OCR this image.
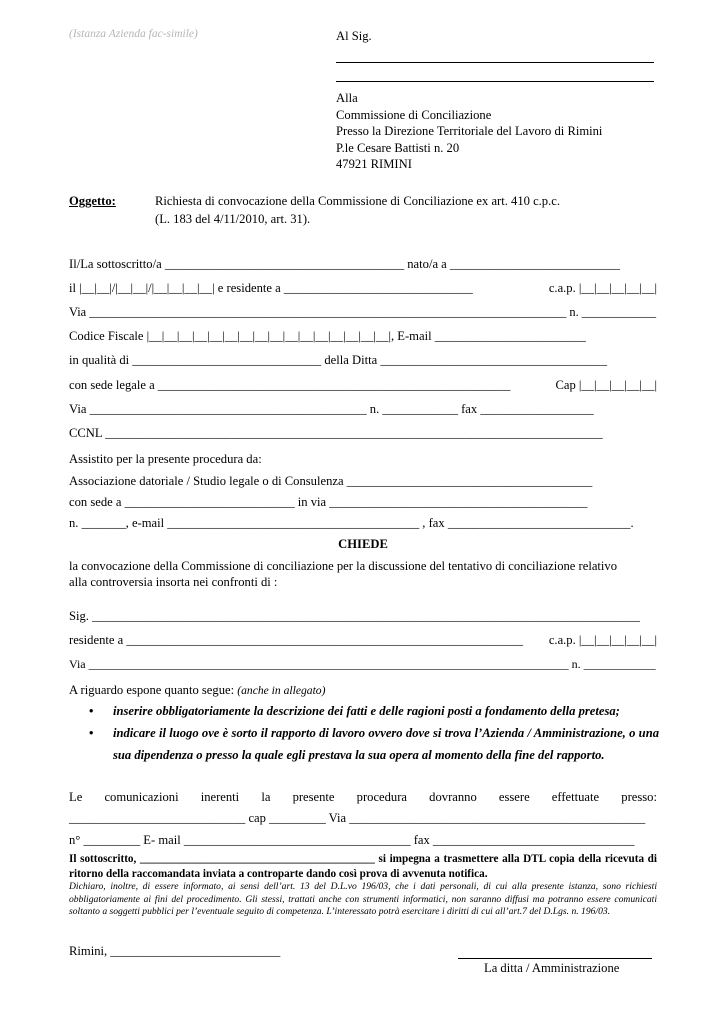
(Istanza Azienda fac-simile)	Al Sig.
Alla
Commissione di Conciliazione
Presso la Direzione Territoriale del Lavoro di Rimini
P.le Cesare Battisti n. 20
47921 RIMINI
Oggetto:	Richiesta di convocazione della Commissione di Conciliazione ex art. 410 c.p.c.
(L. 183 del 4/11/2010, art. 31).
Il/La sottoscritto/a ______________________________________ nato/a a ___________________________
il |__|__|/|__|__|/|__|__|__|__| e residente a ______________________________	c.a.p. |__|__|__|__|__|
Via _____________________________________________________________________________ n. ____________
Codice Fiscale |__|__|__|__|__|__|__|__|__|__|__|__|__|__|__|__|, E-mail ________________________
in qualità di ______________________________ della Ditta ____________________________________
con sede legale a ________________________________________________________	Cap |__|__|__|__|__|
Via ____________________________________________ n. ____________ fax __________________
CCNL _______________________________________________________________________________
Assistito per la presente procedura da:
Associazione datoriale / Studio legale o di Consulenza _______________________________________
con sede a ___________________________ in via _________________________________________
n. _______, e-mail ________________________________________ , fax _____________________________.
CHIEDE
la convocazione della Commissione di conciliazione per la discussione del tentativo di conciliazione relativo
alla controversia insorta nei confronti di :
Sig. _______________________________________________________________________________________
residente a _______________________________________________________________ c.a.p. |__|__|__|__|__|
Via ________________________________________________________________________________ n. ____________
A riguardo espone quanto segue: (anche in allegato)
• inserire obbligatoriamente la descrizione dei fatti e delle ragioni posti a fondamento della pretesa;
• indicare il luogo ove è sorto il rapporto di lavoro ovvero dove si trova l’Azienda / Amministrazione, o una sua dipendenza o presso la quale egli prestava la sua opera al momento della fine del rapporto.
Le comunicazioni inerenti la presente procedura dovranno essere effettuate presso:
____________________________ cap _________ Via _______________________________________________
n° _________ E- mail ____________________________________ fax ________________________________
Il sottoscritto, __________________________________________ si impegna a trasmettere alla DTL copia della ricevuta di ritorno della raccomandata inviata a controparte dando così prova di avvenuta notifica.
Dichiaro, inoltre, di essere informato, ai sensi dell’art. 13 del D.L.vo 196/03, che i dati personali, di cui alla presente istanza, sono richiesti obbligatoriamente ai fini del procedimento. Gli stessi, trattati anche con strumenti informatici, non saranno diffusi ma potranno essere comunicati soltanto a soggetti pubblici per l’eventuale seguito di competenza. L’interessato potrà esercitare i diritti di cui all’art.7 del D.Lgs. n. 196/03.
Rimini, ___________________________
La ditta / Amministrazione
